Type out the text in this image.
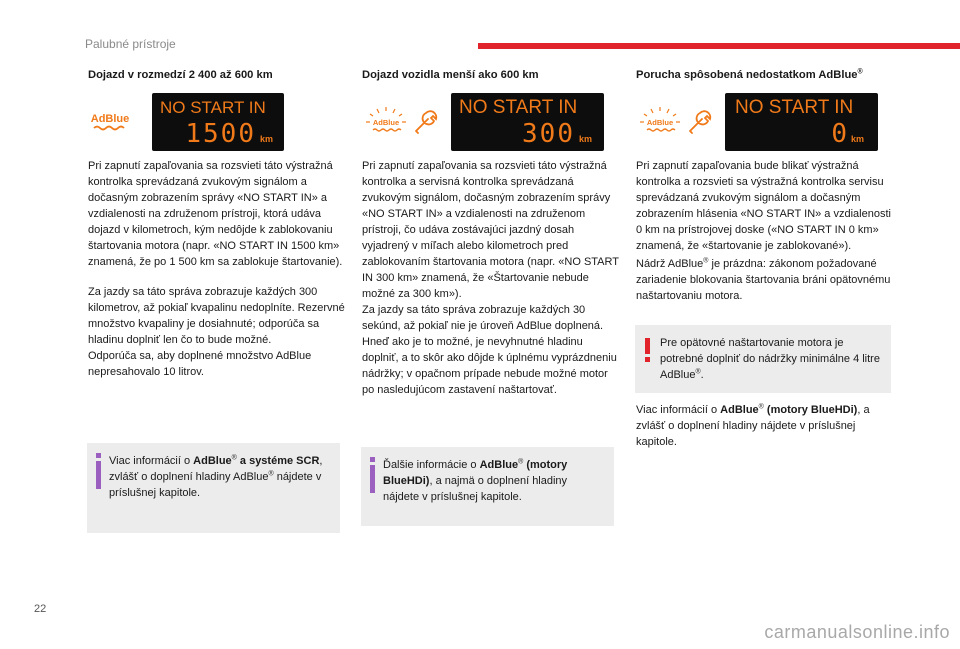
Palubné prístroje

Dojazd v rozmedzí 2 400 až 600 km

AdBlue
NO START IN
1500 km

Pri zapnutí zapaľovania sa rozsvieti táto výstražná kontrolka sprevádzaná zvukovým signálom a dočasným zobrazením správy «NO START IN» a vzdialenosti na združenom prístroji, ktorá udáva dojazd v kilometroch, kým nedôjde k zablokovaniu štartovania motora (napr. «NO START IN 1500 km» znamená, že po 1 500 km sa zablokuje štartovanie).

Za jazdy sa táto správa zobrazuje každých 300 kilometrov, až pokiaľ kvapalinu nedoplníte. Rezervné množstvo kvapaliny je dosiahnuté; odporúča sa hladinu doplniť len čo to bude možné.

Odporúča sa, aby doplnené množstvo AdBlue nepresahovalo 10 litrov.

Viac informácií o AdBlue® a systéme SCR, zvlášť o doplnení hladiny AdBlue® nájdete v príslušnej kapitole.

Dojazd vozidla menší ako 600 km

AdBlue
NO START IN
300 km

Pri zapnutí zapaľovania sa rozsvieti táto výstražná kontrolka a servisná kontrolka sprevádzaná zvukovým signálom, dočasným zobrazením správy «NO START IN» a vzdialenosti na združenom prístroji, čo udáva zostávajúci jazdný dosah vyjadrený v míľach alebo kilometroch pred zablokovaním štartovania motora (napr. «NO START IN 300 km» znamená, že «Štartovanie nebude možné za 300 km»).

Za jazdy sa táto správa zobrazuje každých 30 sekúnd, až pokiaľ nie je úroveň AdBlue doplnená.

Hneď ako je to možné, je nevyhnutné hladinu doplniť, a to skôr ako dôjde k úplnému vyprázdneniu nádržky; v opačnom prípade nebude možné motor po nasledujúcom zastavení naštartovať.

Ďalšie informácie o AdBlue® (motory BlueHDi), a najmä o doplnení hladiny nájdete v príslušnej kapitole.

Porucha spôsobená nedostatkom AdBlue®

AdBlue
NO START IN
0 km

Pri zapnutí zapaľovania bude blikať výstražná kontrolka a rozsvieti sa výstražná kontrolka servisu sprevádzaná zvukovým signálom a dočasným zobrazením hlásenia «NO START IN» a vzdialenosti 0 km na prístrojovej doske («NO START IN 0 km» znamená, že «štartovanie je zablokované»).

Nádrž AdBlue® je prázdna: zákonom požadované zariadenie blokovania štartovania bráni opätovnému naštartovaniu motora.

Pre opätovné naštartovanie motora je potrebné doplniť do nádržky minimálne 4 litre AdBlue®.

Viac informácií o AdBlue® (motory BlueHDi), a zvlášť o doplnení hladiny nájdete v príslušnej kapitole.

22
carmanualsonline.info
